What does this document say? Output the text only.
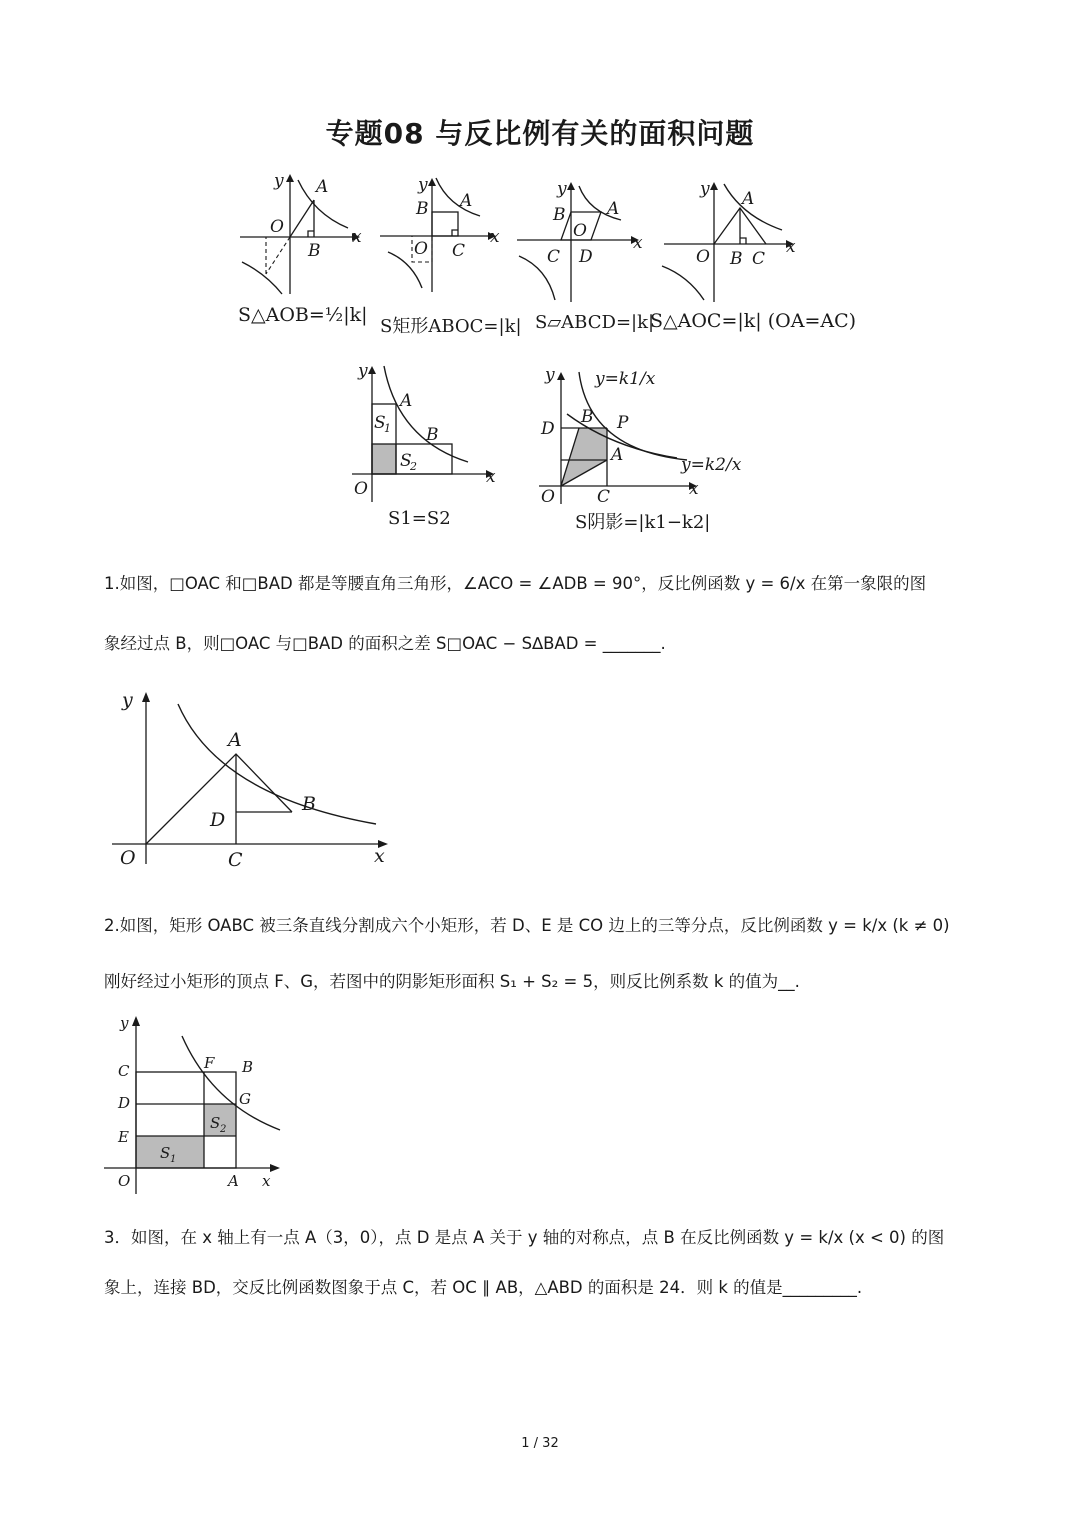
专题08 与反比例有关的面积问题
A
O
B
x
y
S△AOB=½|k|
A
B
O C
x
y
S矩形ABOC=|k|
A
B
O
C D
x
y
S▱ABCD=|k|
A
O B C
x
y
S△AOC=|k| (OA=AC)
A
B
S
1
S
2
O
x
y
S1=S2
D
B P
A
O C	x
y y=k1/x
y=k2/x
S阴影=|k1−k2|
1.如图，□OAC 和□BAD 都是等腰直角三角形，∠ACO = ∠ADB = 90°，反比例函数 y = 6/x 在第一象限的图
象经过点 B，则□OAC 与□BAD 的面积之差 S□OAC − S∆BAD = _______.
A
B
D
O	C	x
y
2.如图，矩形 OABC 被三条直线分割成六个小矩形，若 D、E 是 CO 边上的三等分点，反比例函数 y = k/x (k ≠ 0)
刚好经过小矩形的顶点 F、G，若图中的阴影矩形面积 S₁ + S₂ = 5，则反比例系数 k 的值为__.
F B
G
C
D
E
O	A x
y
S 1
S 2
3．如图，在 x 轴上有一点 A（3，0），点 D 是点 A 关于 y 轴的对称点，点 B 在反比例函数 y = k/x (x < 0) 的图
象上，连接 BD，交反比例函数图象于点 C，若 OC ∥ AB，△ABD 的面积是 24．则 k 的值是_________.
1 / 32
